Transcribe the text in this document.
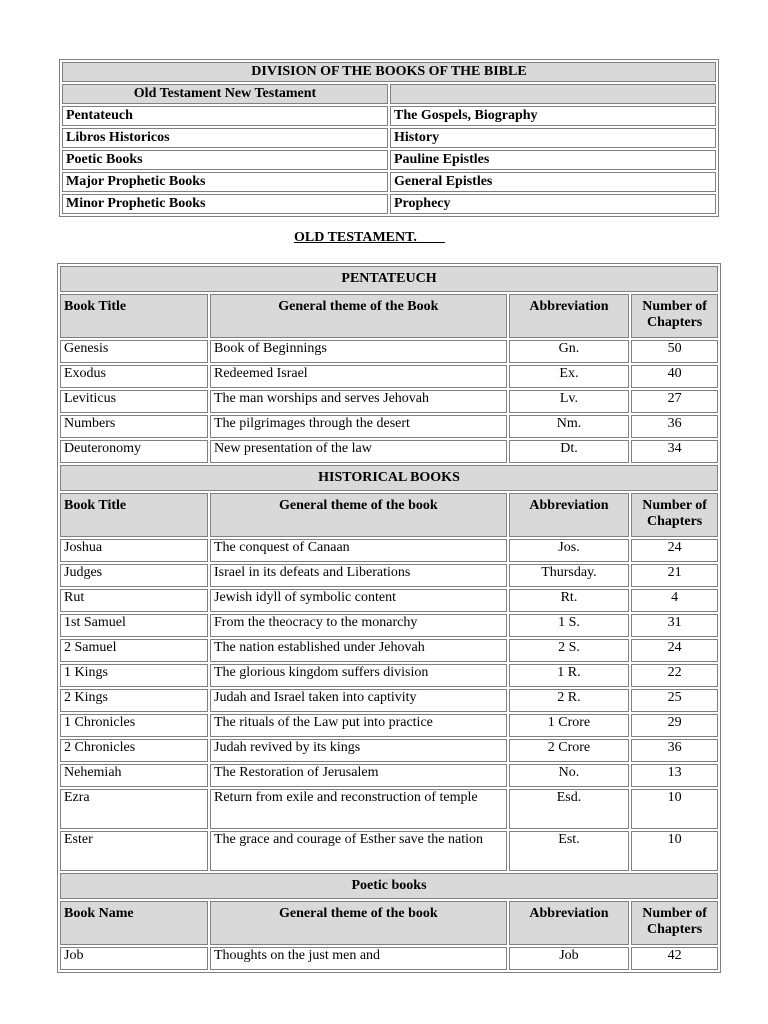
DIVISION OF THE BOOKS OF THE BIBLE	
Old Testament New Testament	
Pentateuch	The Gospels, Biography
Libros Historicos	History
Poetic Books	Pauline Epistles
Major Prophetic Books	General Epistles
Minor Prophetic Books	Prophecy
OLD TESTAMENT.
PENTATEUCH			
Book Title	General theme of the Book	Abbreviation	Number of Chapters
Genesis	Book of Beginnings	Gn.	50
Exodus	Redeemed Israel	Ex.	40
Leviticus	The man worships and serves Jehovah	Lv.	27
Numbers	The pilgrimages through the desert	Nm.	36
Deuteronomy	New presentation of the law	Dt.	34
HISTORICAL BOOKS			
Book Title	General theme of the book	Abbreviation	Number of Chapters
Joshua	The conquest of Canaan	Jos.	24
Judges	Israel in its defeats and Liberations	Thursday.	21
Rut	Jewish idyll of symbolic content	Rt.	4
1st Samuel	From the theocracy to the monarchy	1 S.	31
2 Samuel	The nation established under Jehovah	2 S.	24
1 Kings	The glorious kingdom suffers division	1 R.	22
2 Kings	Judah and Israel taken into captivity	2 R.	25
1 Chronicles	The rituals of the Law put into practice	1 Crore	29
2 Chronicles	Judah revived by its kings	2 Crore	36
Nehemiah	The Restoration of Jerusalem	No.	13
Ezra	Return from exile and reconstruction of temple	Esd.	10
Ester	The grace and courage of Esther save the nation	Est.	10
Poetic books			
Book Name	General theme of the book	Abbreviation	Number of Chapters
Job	Thoughts on the just men and	Job	42
